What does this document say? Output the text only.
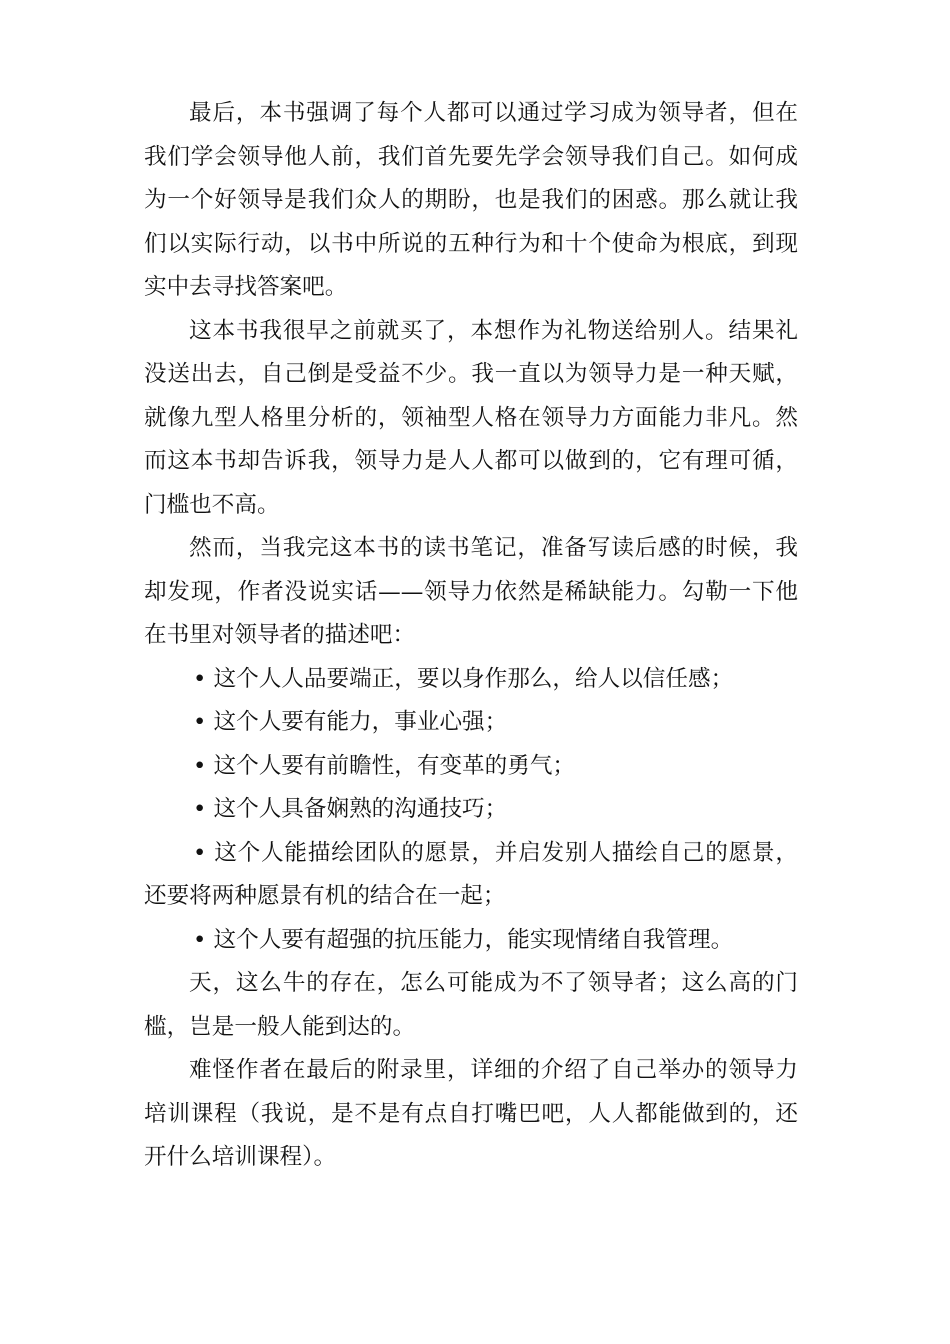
最后，本书强调了每个人都可以通过学习成为领导者，但在我们学会领导他人前，我们首先要先学会领导我们自己。如何成为一个好领导是我们众人的期盼，也是我们的困惑。那么就让我们以实际行动，以书中所说的五种行为和十个使命为根底，到现实中去寻找答案吧。

这本书我很早之前就买了，本想作为礼物送给别人。结果礼没送出去，自己倒是受益不少。我一直以为领导力是一种天赋，就像九型人格里分析的，领袖型人格在领导力方面能力非凡。然而这本书却告诉我，领导力是人人都可以做到的，它有理可循，门槛也不高。

然而，当我完这本书的读书笔记，准备写读后感的时候，我却发现，作者没说实话——领导力依然是稀缺能力。勾勒一下他在书里对领导者的描述吧：

• 这个人人品要端正，要以身作那么，给人以信任感；

• 这个人要有能力，事业心强；

• 这个人要有前瞻性，有变革的勇气；

• 这个人具备娴熟的沟通技巧；

• 这个人能描绘团队的愿景，并启发别人描绘自己的愿景，还要将两种愿景有机的结合在一起；

• 这个人要有超强的抗压能力，能实现情绪自我管理。

天，这么牛的存在，怎么可能成为不了领导者；这么高的门槛，岂是一般人能到达的。

难怪作者在最后的附录里，详细的介绍了自己举办的领导力培训课程（我说，是不是有点自打嘴巴吧，人人都能做到的，还开什么培训课程）。
